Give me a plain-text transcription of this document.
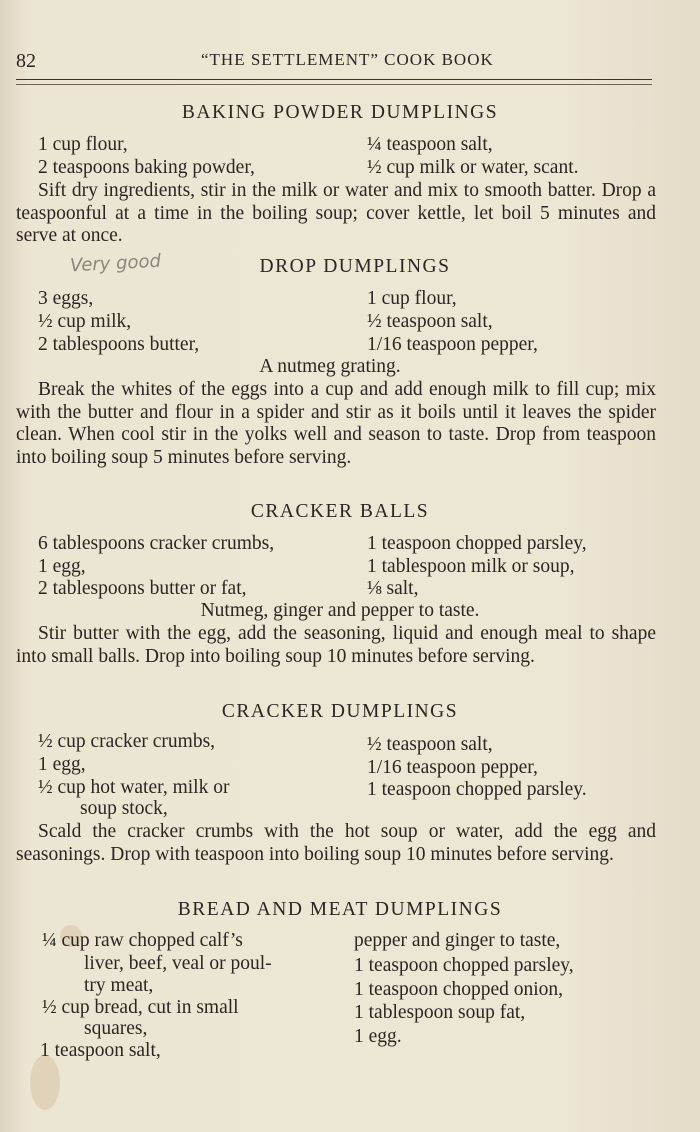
82	“THE SETTLEMENT” COOK BOOK
BAKING POWDER DUMPLINGS
1 cup flour,
2 teaspoons baking powder,
¼ teaspoon salt,
½ cup milk or water, scant.
Sift dry ingredients, stir in the milk or water and mix to smooth batter. Drop a teaspoonful at a time in the boiling soup; cover kettle, let boil 5 minutes and serve at once.
Very good	DROP DUMPLINGS
3 eggs,
½ cup milk,
2 tablespoons butter,
1 cup flour,
½ teaspoon salt,
1/16 teaspoon pepper,
A nutmeg grating.
Break the whites of the eggs into a cup and add enough milk to fill cup; mix with the butter and flour in a spider and stir as it boils until it leaves the spider clean. When cool stir in the yolks well and season to taste. Drop from teaspoon into boiling soup 5 minutes before serving.
CRACKER BALLS
6 tablespoons cracker crumbs,
1 egg,
2 tablespoons butter or fat,
1 teaspoon chopped parsley,
1 tablespoon milk or soup,
⅛ salt,
Nutmeg, ginger and pepper to taste.
Stir butter with the egg, add the seasoning, liquid and enough meal to shape into small balls. Drop into boiling soup 10 minutes before serving.
CRACKER DUMPLINGS
½ cup cracker crumbs,
1 egg,
½ cup hot water, milk or
soup stock,
½ teaspoon salt,
1/16 teaspoon pepper,
1 teaspoon chopped parsley.
Scald the cracker crumbs with the hot soup or water, add the egg and seasonings. Drop with teaspoon into boiling soup 10 minutes before serving.
BREAD AND MEAT DUMPLINGS
¼ cup raw chopped calf’s
liver, beef, veal or poul-
try meat,
½ cup bread, cut in small
squares,
1 teaspoon salt,
pepper and ginger to taste,
1 teaspoon chopped parsley,
1 teaspoon chopped onion,
1 tablespoon soup fat,
1 egg.
